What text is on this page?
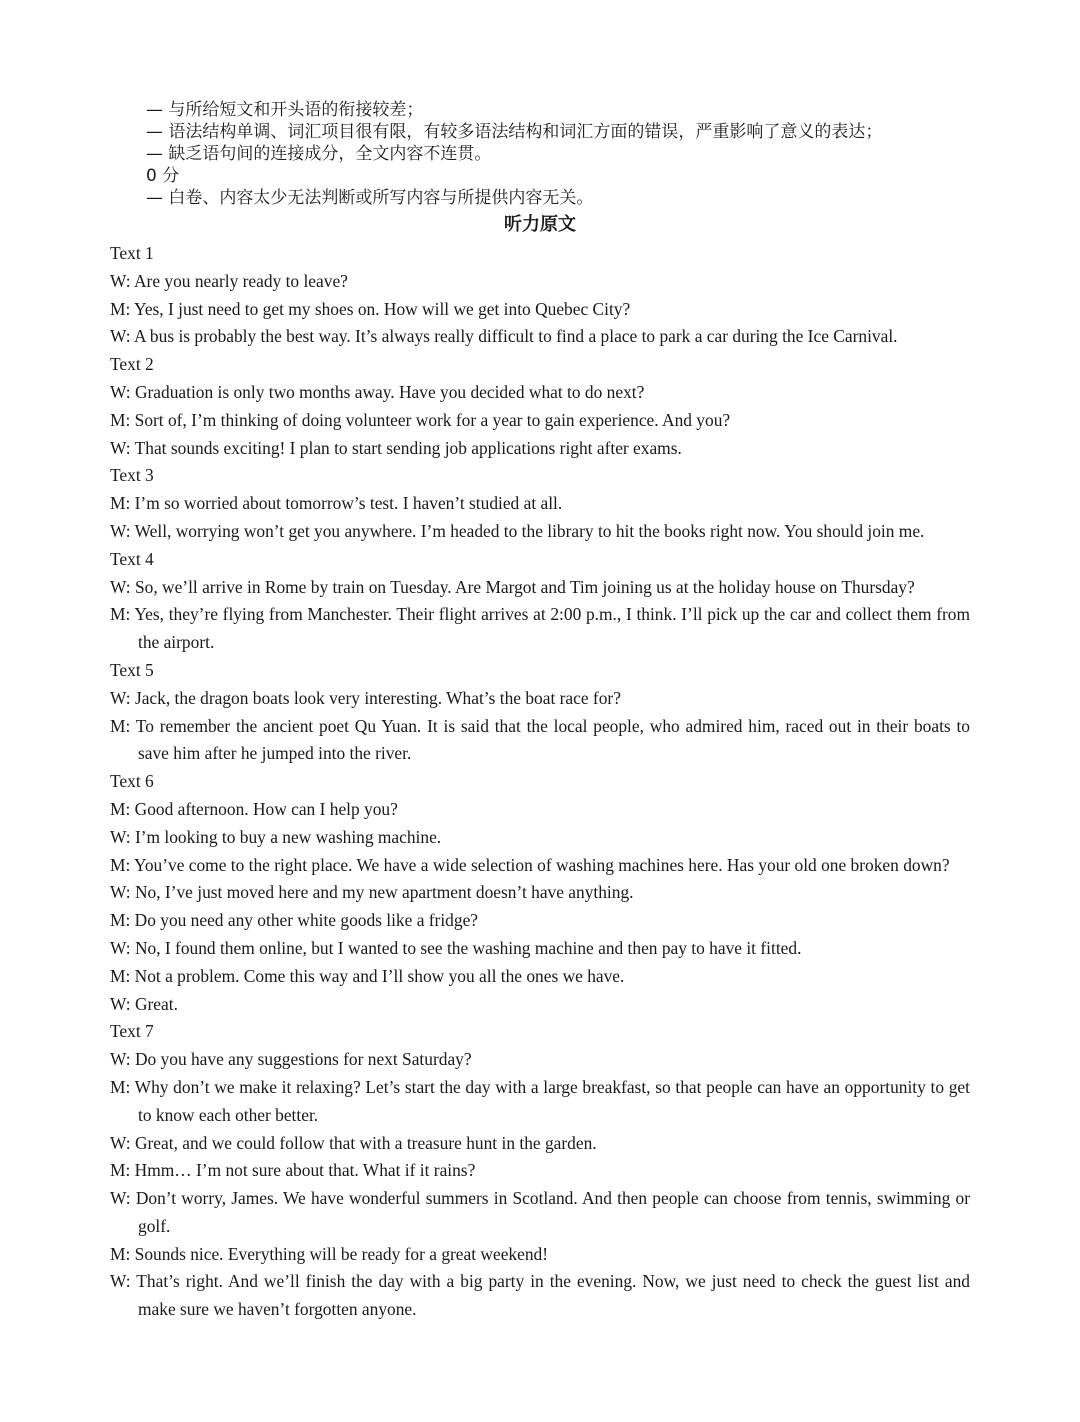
— 与所给短文和开头语的衔接较差；
— 语法结构单调、词汇项目很有限，有较多语法结构和词汇方面的错误，严重影响了意义的表达；
— 缺乏语句间的连接成分，全文内容不连贯。
0 分
— 白卷、内容太少无法判断或所写内容与所提供内容无关。
听力原文

Text 1

W: Are you nearly ready to leave?

M: Yes, I just need to get my shoes on. How will we get into Quebec City?

W: A bus is probably the best way. It’s always really difficult to find a place to park a car during the Ice Carnival.

Text 2

W: Graduation is only two months away. Have you decided what to do next?

M: Sort of, I’m thinking of doing volunteer work for a year to gain experience. And you?

W: That sounds exciting! I plan to start sending job applications right after exams.

Text 3

M: I’m so worried about tomorrow’s test. I haven’t studied at all.

W: Well, worrying won’t get you anywhere. I’m headed to the library to hit the books right now. You should join me.

Text 4

W: So, we’ll arrive in Rome by train on Tuesday. Are Margot and Tim joining us at the holiday house on Thursday?

M: Yes, they’re flying from Manchester. Their flight arrives at 2:00 p.m., I think. I’ll pick up the car and collect them from the airport.

Text 5

W: Jack, the dragon boats look very interesting. What’s the boat race for?

M: To remember the ancient poet Qu Yuan. It is said that the local people, who admired him, raced out in their boats to save him after he jumped into the river.

Text 6

M: Good afternoon. How can I help you?

W: I’m looking to buy a new washing machine.

M: You’ve come to the right place. We have a wide selection of washing machines here. Has your old one broken down?

W: No, I’ve just moved here and my new apartment doesn’t have anything.

M: Do you need any other white goods like a fridge?

W: No, I found them online, but I wanted to see the washing machine and then pay to have it fitted.

M: Not a problem. Come this way and I’ll show you all the ones we have.

W: Great.

Text 7

W: Do you have any suggestions for next Saturday?

M: Why don’t we make it relaxing? Let’s start the day with a large breakfast, so that people can have an opportunity to get to know each other better.

W: Great, and we could follow that with a treasure hunt in the garden.

M: Hmm… I’m not sure about that. What if it rains?

W: Don’t worry, James. We have wonderful summers in Scotland. And then people can choose from tennis, swimming or golf.

M: Sounds nice. Everything will be ready for a great weekend!

W: That’s right. And we’ll finish the day with a big party in the evening. Now, we just need to check the guest list and make sure we haven’t forgotten anyone.
